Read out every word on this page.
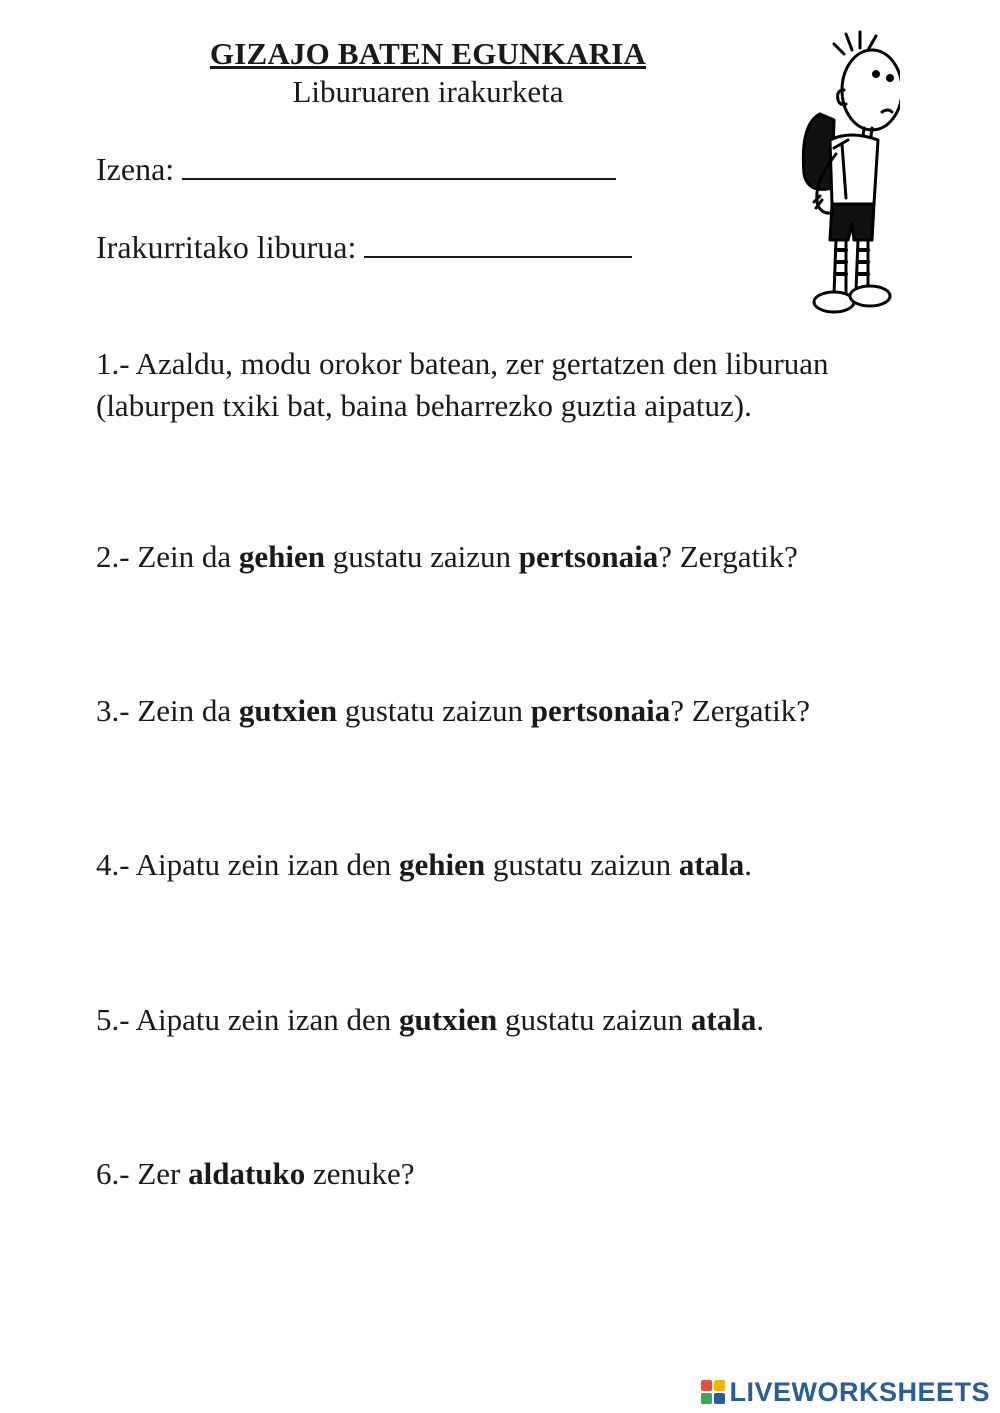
GIZAJO BATEN EGUNKARIA
Liburuaren irakurketa
Izena:
Irakurritako liburua:
1.- Azaldu, modu orokor batean, zer gertatzen den liburuan
(laburpen txiki bat, baina beharrezko guztia aipatuz).
2.- Zein da gehien gustatu zaizun pertsonaia? Zergatik?
3.- Zein da gutxien gustatu zaizun pertsonaia? Zergatik?
4.- Aipatu zein izan den gehien gustatu zaizun atala.
5.- Aipatu zein izan den gutxien gustatu zaizun atala.
6.- Zer aldatuko zenuke?
LIVEWORKSHEETS
